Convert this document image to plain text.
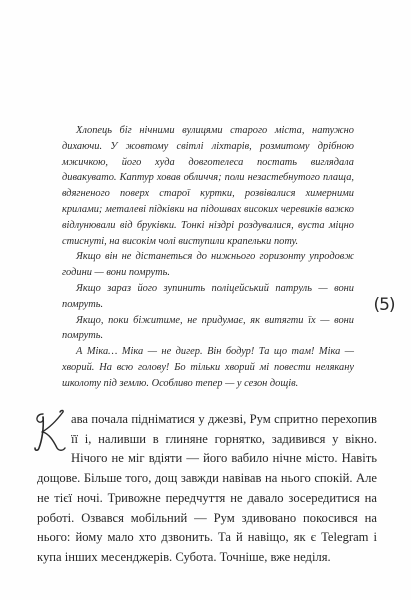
Хлопець біг нічними вулицями старого міста, натужно дихаючи. У жовтому світлі ліхтарів, розмитому дрібною мжичкою, його худа довготелеса постать виглядала дивакувато. Каптур ховав обличчя; поли незастебнутого плаща, вдягненого поверх старої куртки, розвівалися химерними крилами; металеві підківки на підошвах високих черевиків важко відлунювали від бруківки. Тонкі ніздрі роздувалися, вуста міцно стиснуті, на високім чолі виступили крапельки поту.

Якщо він не дістанеться до нижнього горизонту упродовж години — вони помруть.

Якщо зараз його зупинить поліцейський патруль — вони помруть.

Якщо, поки біжитиме, не придумає, як витягти їх — вони помруть.

А Міка… Міка — не дигер. Він бодур! Та що там! Міка — хворий. На всю голову! Бо тільки хворий мі повести нелякану школоту під землю. Особливо тепер — у сезон дощів.

(5)

ава почала підніматися у джезві, Рум спритно перехопив її і, наливши в глиняне горнятко, задивився у вікно. Нічого не міг вдіяти — його вабило нічне місто. Навіть дощове. Більше того, дощ завжди навівав на нього спокій. Але не тієї ночі. Тривожне передчуття не давало зосередитися на роботі. Озвався мобільний — Рум здивовано покосився на нього: йому мало хто дзвонить. Та й навіщо, як є Telegram і купа інших месенджерів. Субота. Точніше, вже неділя.
